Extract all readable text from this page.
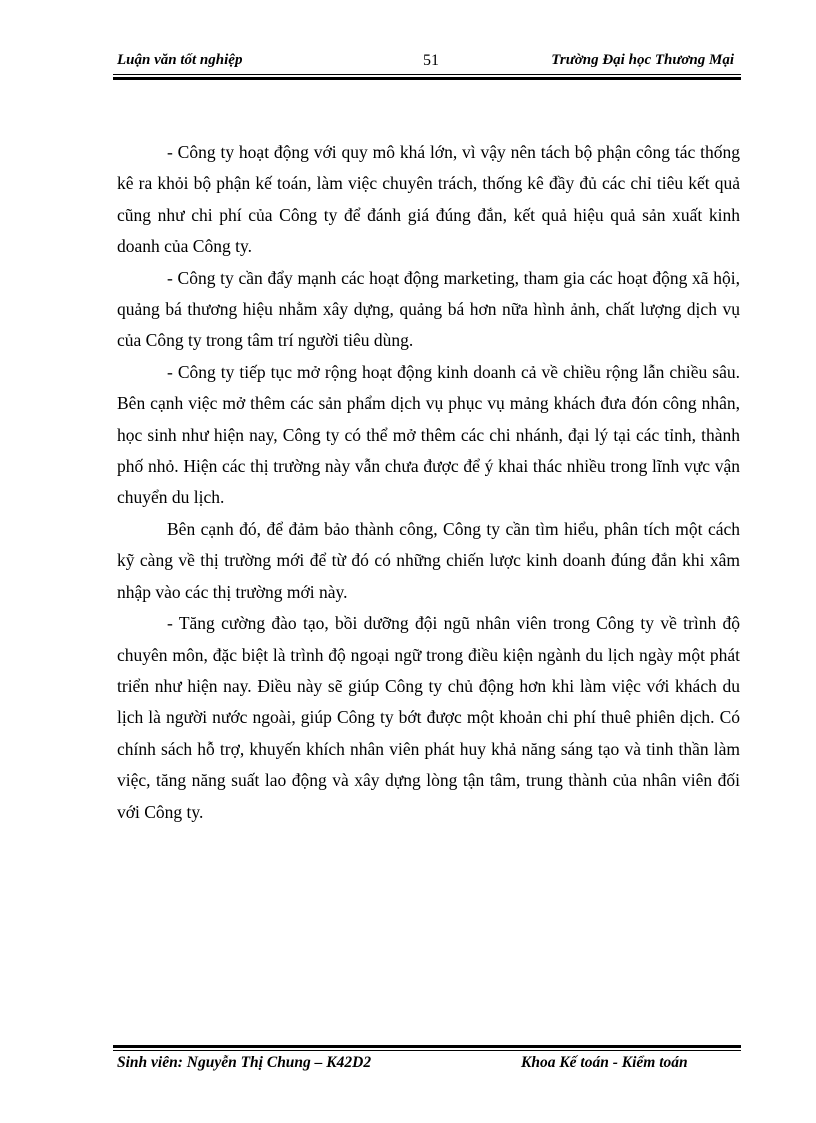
Luận văn tốt nghiệp	51	Trường Đại học Thương Mại

- Công ty hoạt động với quy mô khá lớn, vì vậy nên tách bộ phận công tác thống kê ra khỏi bộ phận kế toán, làm việc chuyên trách, thống kê đầy đủ các chỉ tiêu kết quả cũng như chi phí của Công ty để đánh giá đúng đắn, kết quả hiệu quả sản xuất kinh doanh của Công ty.

- Công ty cần đẩy mạnh các hoạt động marketing, tham gia các hoạt động xã hội, quảng bá thương hiệu nhằm xây dựng, quảng bá hơn nữa hình ảnh, chất lượng dịch vụ của Công ty trong tâm trí người tiêu dùng.

- Công ty tiếp tục mở rộng hoạt động kinh doanh cả về chiều rộng lẫn chiều sâu. Bên cạnh việc mở thêm các sản phẩm dịch vụ phục vụ mảng khách đưa đón công nhân, học sinh như hiện nay, Công ty có thể mở thêm các chi nhánh, đại lý tại các tỉnh, thành phố nhỏ. Hiện các thị trường này vẫn chưa được để ý khai thác nhiều trong lĩnh vực vận chuyển du lịch.

Bên cạnh đó, để đảm bảo thành công, Công ty cần tìm hiểu, phân tích một cách kỹ càng về thị trường mới để từ đó có những chiến lược kinh doanh đúng đắn khi xâm nhập vào các thị trường mới này.

- Tăng cường đào tạo, bồi dưỡng đội ngũ nhân viên trong Công ty về trình độ chuyên môn, đặc biệt là trình độ ngoại ngữ trong điều kiện ngành du lịch ngày một phát triển như hiện nay. Điều này sẽ giúp Công ty chủ động hơn khi làm việc với khách du lịch là người nước ngoài, giúp Công ty bớt được một khoản chi phí thuê phiên dịch. Có chính sách hỗ trợ, khuyến khích nhân viên phát huy khả năng sáng tạo và tinh thần làm việc, tăng năng suất lao động và xây dựng lòng tận tâm, trung thành của nhân viên đối với Công ty.

Sinh viên: Nguyễn Thị Chung – K42D2	Khoa Kế toán - Kiểm toán
